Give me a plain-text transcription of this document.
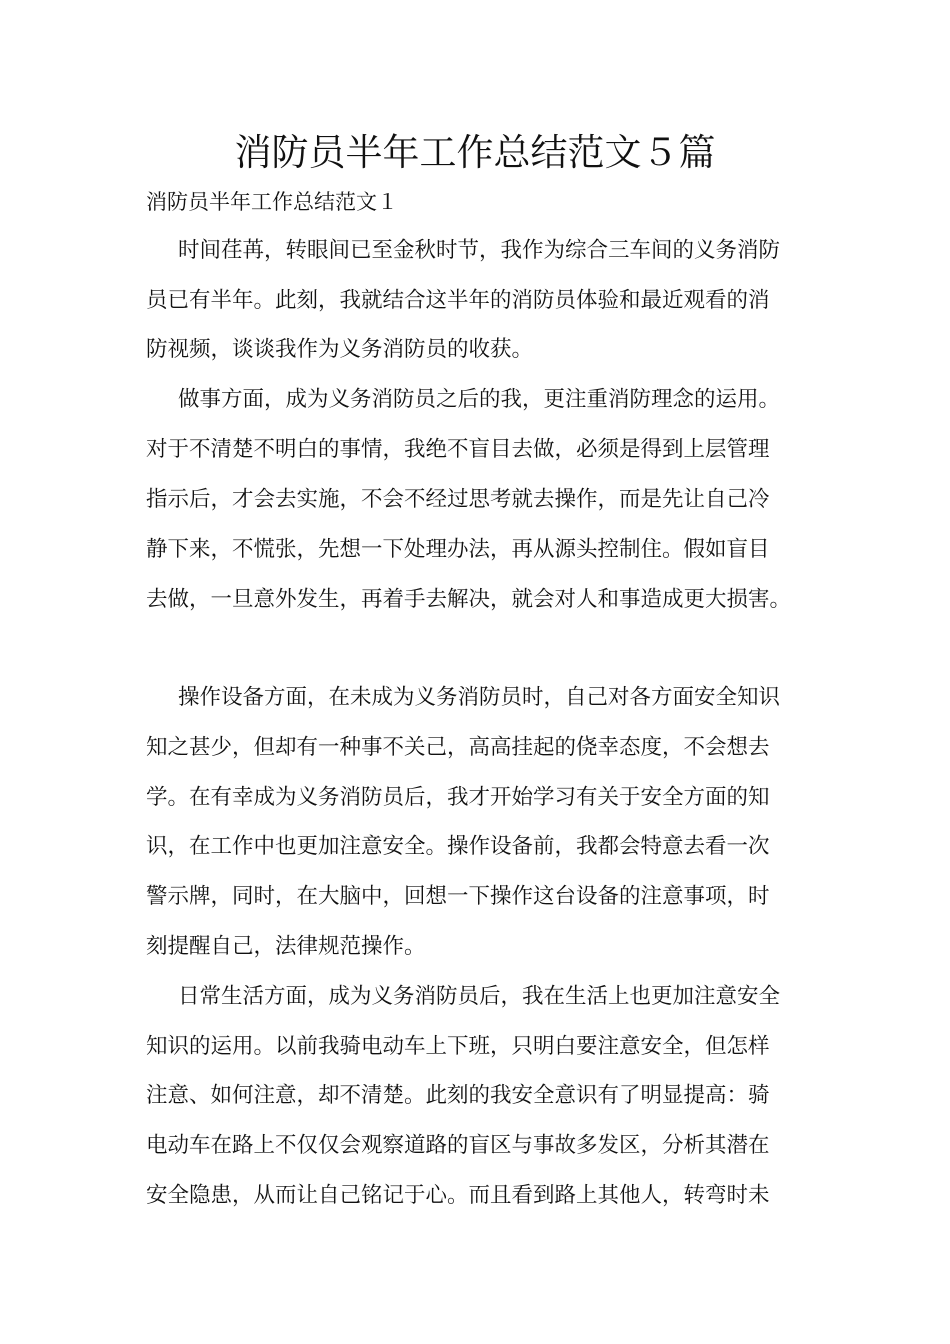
消防员半年工作总结范文５篇

消防员半年工作总结范文１

时间荏苒，转眼间已至金秋时节，我作为综合三车间的义务消防

员已有半年。此刻，我就结合这半年的消防员体验和最近观看的消

防视频，谈谈我作为义务消防员的收获。

做事方面，成为义务消防员之后的我，更注重消防理念的运用。

对于不清楚不明白的事情，我绝不盲目去做，必须是得到上层管理

指示后，才会去实施，不会不经过思考就去操作，而是先让自己冷

静下来，不慌张，先想一下处理办法，再从源头控制住。假如盲目

去做，一旦意外发生，再着手去解决，就会对人和事造成更大损害。

操作设备方面，在未成为义务消防员时，自己对各方面安全知识

知之甚少，但却有一种事不关己，高高挂起的侥幸态度，不会想去

学。在有幸成为义务消防员后，我才开始学习有关于安全方面的知

识，在工作中也更加注意安全。操作设备前，我都会特意去看一次

警示牌，同时，在大脑中，回想一下操作这台设备的注意事项，时

刻提醒自己，法律规范操作。

日常生活方面，成为义务消防员后，我在生活上也更加注意安全

知识的运用。以前我骑电动车上下班，只明白要注意安全，但怎样

注意、如何注意，却不清楚。此刻的我安全意识有了明显提高：骑

电动车在路上不仅仅会观察道路的盲区与事故多发区，分析其潜在

安全隐患，从而让自己铭记于心。而且看到路上其他人，转弯时未
